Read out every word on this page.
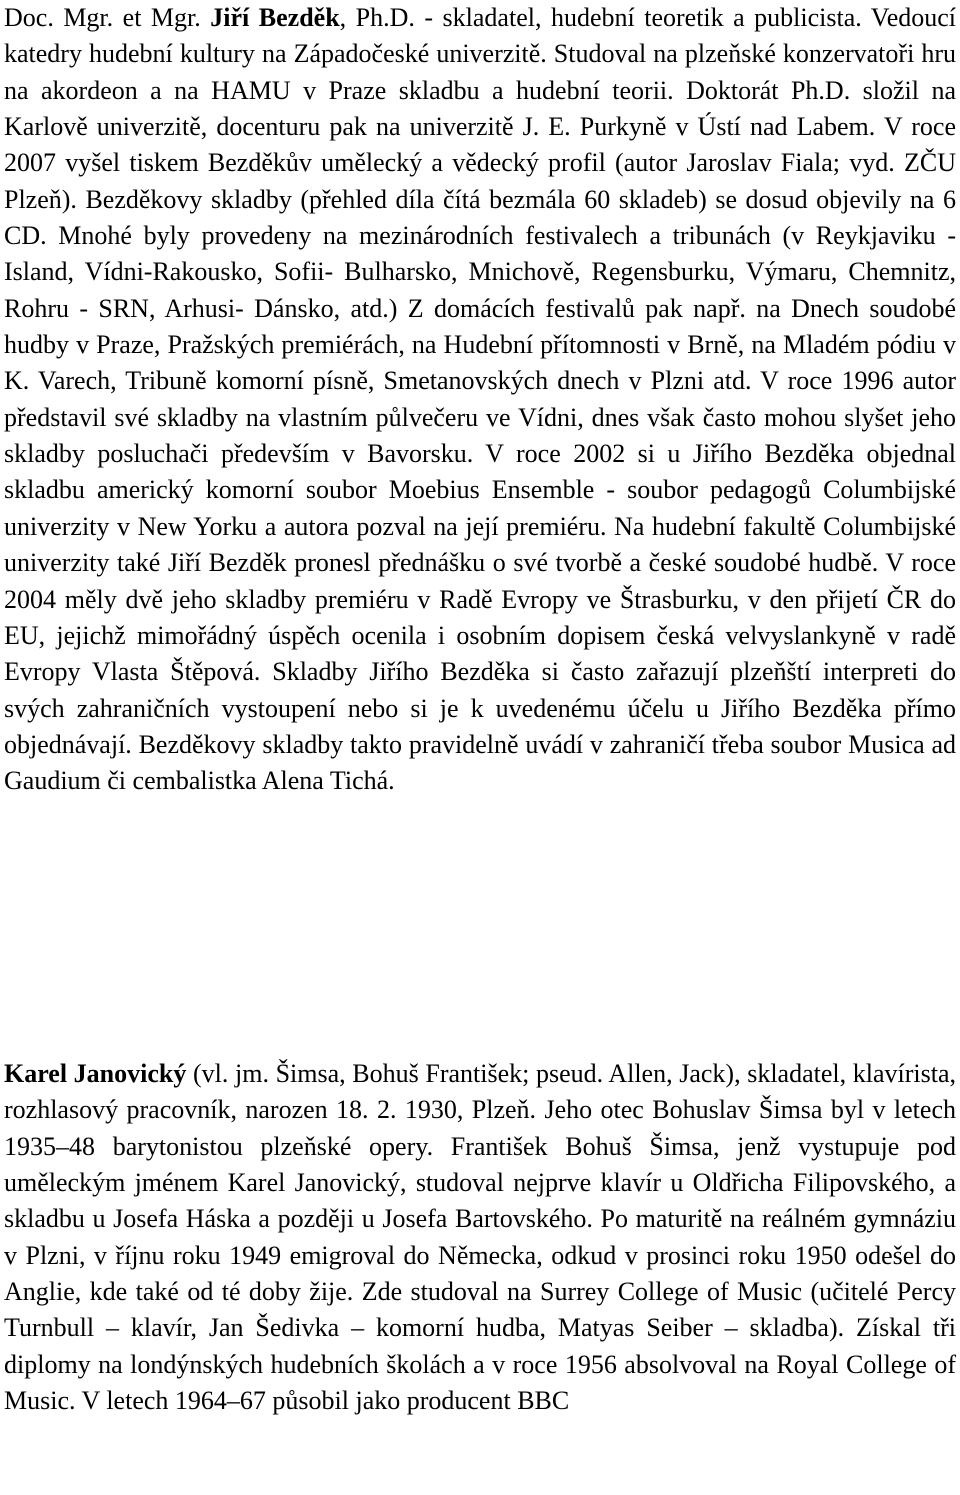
Doc. Mgr. et Mgr. Jiří Bezděk, Ph.D. - skladatel, hudební teoretik a publicista. Vedoucí katedry hudební kultury na Západočeské univerzitě. Studoval na plzeňské konzervatoři hru na akordeon a na HAMU v Praze skladbu a hudební teorii. Doktorát Ph.D. složil na Karlově univerzitě, docenturu pak na univerzitě J. E. Purkyně v Ústí nad Labem. V roce 2007 vyšel tiskem Bezděkův umělecký a vědecký profil (autor Jaroslav Fiala; vyd. ZČU Plzeň). Bezděkovy skladby (přehled díla čítá bezmála 60 skladeb) se dosud objevily na 6 CD. Mnohé byly provedeny na mezinárodních festivalech a tribunách (v Reykjaviku - Island, Vídni-Rakousko, Sofii- Bulharsko, Mnichově, Regensburku, Výmaru, Chemnitz, Rohru - SRN, Arhusi- Dánsko, atd.) Z domácích festivalů pak např. na Dnech soudobé hudby v Praze, Pražských premiérách, na Hudební přítomnosti v Brně, na Mladém pódiu v K. Varech, Tribuně komorní písně, Smetanovských dnech v Plzni atd. V roce 1996 autor představil své skladby na vlastním půlvečeru ve Vídni, dnes však často mohou slyšet jeho skladby posluchači především v Bavorsku. V roce 2002 si u Jiřího Bezděka objednal skladbu americký komorní soubor Moebius Ensemble - soubor pedagogů Columbijské univerzity v New Yorku a autora pozval na její premiéru. Na hudební fakultě Columbijské univerzity také Jiří Bezděk pronesl přednášku o své tvorbě a české soudobé hudbě. V roce 2004 měly dvě jeho skladby premiéru v Radě Evropy ve Štrasburku, v den přijetí ČR do EU, jejichž mimořádný úspěch ocenila i osobním dopisem česká velvyslankyně v radě Evropy Vlasta Štěpová. Skladby Jiřího Bezděka si často zařazují plzeňští interpreti do svých zahraničních vystoupení nebo si je k uvedenému účelu u Jiřího Bezděka přímo objednávají. Bezděkovy skladby takto pravidelně uvádí v zahraničí třeba soubor Musica ad Gaudium či cembalistka Alena Tichá.

Karel Janovický (vl. jm. Šimsa, Bohuš František; pseud. Allen, Jack), skladatel, klavírista, rozhlasový pracovník, narozen 18. 2. 1930, Plzeň. Jeho otec Bohuslav Šimsa byl v letech 1935–48 barytonistou plzeňské opery. František Bohuš Šimsa, jenž vystupuje pod uměleckým jménem Karel Janovický, studoval nejprve klavír u Oldřicha Filipovského, a skladbu u Josefa Háska a později u Josefa Bartovského. Po maturitě na reálném gymnáziu v Plzni, v říjnu roku 1949 emigroval do Německa, odkud v prosinci roku 1950 odešel do Anglie, kde také od té doby žije. Zde studoval na Surrey College of Music (učitelé Percy Turnbull – klavír, Jan Šedivka – komorní hudba, Matyas Seiber – skladba). Získal tři diplomy na londýnských hudebních školách a v roce 1956 absolvoval na Royal College of Music. V letech 1964–67 působil jako producent BBC
